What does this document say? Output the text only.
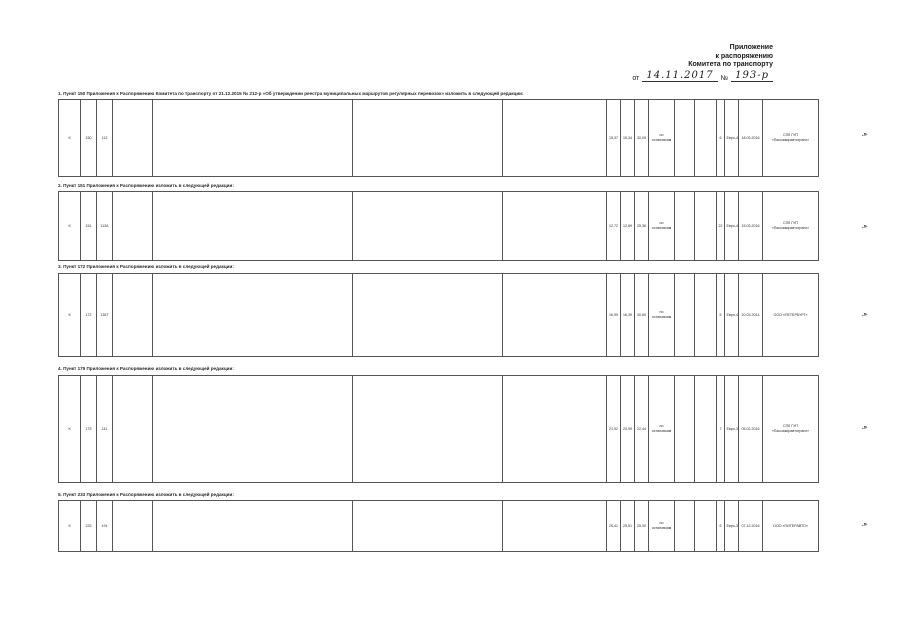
Приложение
к распоряжению
Комитета по транспорту
от 14.11.2017	№ 193-р
1. Пункт 150 Приложения к Распоряжению Комитета по транспорту от 21.12.2015 № 212-р «Об утверждении реестра муниципальных маршрутов регулярных перевозок» изложить в следующей редакции:
К	150	113					15,37	15,34	30,00	по остановкам			6	Евро-4	18.03.2016	СПб ГУП «Пассажиравтотранс»
.»
2. Пункт 151 Приложения к Распоряжению изложить в следующей редакции:
К	151	113А					12,72	12,89	25,38	по остановкам			22	Евро-4	15.03.2016	СПб ГУП «Пассажиравтотранс»	.»
3. Пункт 172 Приложения к Распоряжению изложить в следующей редакции:
К	172	136Т					16,99	16,39	30,60	по остановкам			5	Евро-4	20.03.2014	ООО «ПЕТЕРБУРГ»	.»
4. Пункт 175 Приложения к Распоряжению изложить в следующей редакции:
К	175	141					21,92	20,99	22,44	по остановкам			7	Евро-3	05.02.2016	СПб ГУП «Пассажиравтотранс»	.»
5. Пункт 233 Приложения к Распоряжению изложить в следующей редакции:
К	233	191					25,41	25,51	25,30	по остановкам			6	Евро-3	07.12.2016	ООО «ПИТЕРАВТО»	.»
